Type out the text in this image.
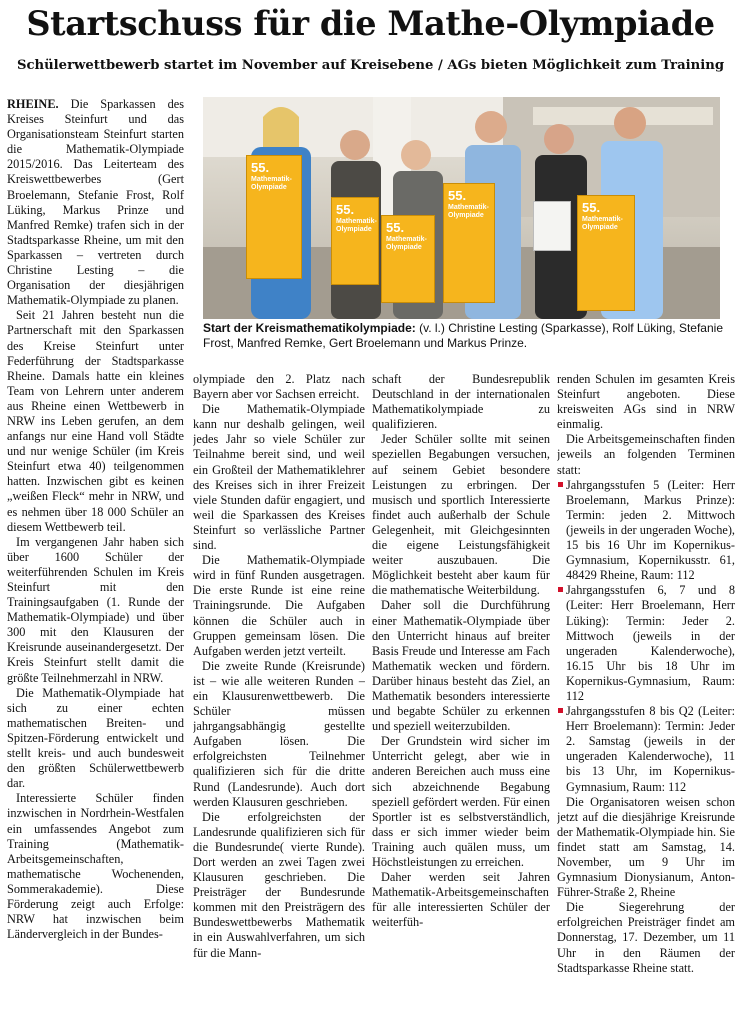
Startschuss für die Mathe-Olympiade
Schülerwettbewerb startet im November auf Kreisebene / AGs bieten Möglichkeit zum Training
55.
Mathematik-Olympiade
55.
Mathematik-Olympiade	55.
Mathematik-Olympiade
55.
Mathematik-Olympiade
55.
Mathematik-Olympiade
Start der Kreismathematikolympiade: (v. l.) Christine Lesting (Sparkasse), Rolf Lüking, Stefanie Frost, Manfred Remke, Gert Broelemann und Markus Prinze.

RHEINE. Die Sparkassen des Kreises Steinfurt und das Organisationsteam Steinfurt starten die Mathematik-Olympiade 2015/2016. Das Leiterteam des Kreiswettbewerbes (Gert Broelemann, Stefanie Frost, Rolf Lüking, Markus Prinze und Manfred Remke) trafen sich in der Stadtsparkasse Rheine, um mit den Sparkassen – vertreten durch Christine Lesting – die Organisation der diesjährigen Mathematik-Olympiade zu planen.

Seit 21 Jahren besteht nun die Partnerschaft mit den Sparkassen des Kreise Steinfurt unter Federführung der Stadtsparkasse Rheine. Damals hatte ein kleines Team von Lehrern unter anderem aus Rheine einen Wettbewerb in NRW ins Leben gerufen, an dem anfangs nur eine Hand voll Städte und nur wenige Schüler (im Kreis Steinfurt etwa 40) teilgenommen hatten. Inzwischen gibt es keinen „weißen Fleck“ mehr in NRW, und es nehmen über 18 000 Schüler an diesem Wettbewerb teil.

Im vergangenen Jahr haben sich über 1600 Schüler der weiterführenden Schulen im Kreis Steinfurt mit den Trainingsaufgaben (1. Runde der Mathematik-Olympiade) und über 300 mit den Klausuren der Kreisrunde auseinandergesetzt. Der Kreis Steinfurt stellt damit die größte Teilnehmerzahl in NRW.

Die Mathematik-Olympiade hat sich zu einer echten mathematischen Breiten- und Spitzen-Förderung entwickelt und stellt kreis- und auch bundesweit den größten Schülerwettbewerb dar.

Interessierte Schüler finden inzwischen in Nordrhein-Westfalen ein umfassendes Angebot zum Training (Mathematik-Arbeitsgemeinschaften, mathematische Wochenenden, Sommerakademie). Diese Förderung zeigt auch Erfolge: NRW hat inzwischen beim Ländervergleich in der Bundes-

olympiade den 2. Platz nach Bayern aber vor Sachsen erreicht.

Die Mathematik-Olympiade kann nur deshalb gelingen, weil jedes Jahr so viele Schüler zur Teilnahme bereit sind, und weil ein Großteil der Mathematiklehrer des Kreises sich in ihrer Freizeit viele Stunden dafür engagiert, und weil die Sparkassen des Kreises Steinfurt so verlässliche Partner sind.

Die Mathematik-Olympiade wird in fünf Runden ausgetragen. Die erste Runde ist eine reine Trainingsrunde. Die Aufgaben können die Schüler auch in Gruppen gemeinsam lösen. Die Aufgaben werden jetzt verteilt.

Die zweite Runde (Kreisrunde) ist – wie alle weiteren Runden – ein Klausurenwettbewerb. Die Schüler müssen jahrgangsabhängig gestellte Aufgaben lösen. Die erfolgreichsten Teilnehmer qualifizieren sich für die dritte Rund (Landesrunde). Auch dort werden Klausuren geschrieben.

Die erfolgreichsten der Landesrunde qualifizieren sich für die Bundesrunde( vierte Runde). Dort werden an zwei Tagen zwei Klausuren geschrieben. Die Preisträger der Bundesrunde kommen mit den Preisträgern des Bundeswettbewerbs Mathematik in ein Auswahlverfahren, um sich für die Mann-

schaft der Bundesrepublik Deutschland in der internationalen Mathematikolympiade zu qualifizieren.

Jeder Schüler sollte mit seinen speziellen Begabungen versuchen, auf seinem Gebiet besondere Leistungen zu erbringen. Der musisch und sportlich Interessierte findet auch außerhalb der Schule Gelegenheit, mit Gleichgesinnten die eigene Leistungsfähigkeit weiter auszubauen. Die Möglichkeit besteht aber kaum für die mathematische Weiterbildung.

Daher soll die Durchführung einer Mathematik-Olympiade über den Unterricht hinaus auf breiter Basis Freude und Interesse am Fach Mathematik wecken und fördern. Darüber hinaus besteht das Ziel, an Mathematik besonders interessierte und begabte Schüler zu erkennen und speziell weiterzubilden.

Der Grundstein wird sicher im Unterricht gelegt, aber wie in anderen Bereichen auch muss eine sich abzeichnende Begabung speziell gefördert werden. Für einen Sportler ist es selbstverständlich, dass er sich immer wieder beim Training auch quälen muss, um Höchstleistungen zu erreichen.

Daher werden seit Jahren Mathematik-Arbeitsgemeinschaften für alle interessierten Schüler der weiterfüh-

renden Schulen im gesamten Kreis Steinfurt angeboten. Diese kreisweiten AGs sind in NRW einmalig.

Die Arbeitsgemeinschaften finden jeweils an folgenden Terminen statt:

Jahrgangsstufen 5 (Leiter: Herr Broelemann, Markus Prinze): Termin: jeden 2. Mittwoch (jeweils in der ungeraden Woche), 15 bis 16 Uhr im Kopernikus-Gymnasium, Kopernikusstr. 61, 48429 Rheine, Raum: 112

Jahrgangsstufen 6, 7 und 8 (Leiter: Herr Broelemann, Herr Lüking): Termin: Jeder 2. Mittwoch (jeweils in der ungeraden Kalenderwoche), 16.15 Uhr bis 18 Uhr im Kopernikus-Gymnasium, Raum: 112

Jahrgangsstufen 8 bis Q2 (Leiter: Herr Broelemann): Termin: Jeder 2. Samstag (jeweils in der ungeraden Kalenderwoche), 11 bis 13 Uhr, im Kopernikus-Gymnasium, Raum: 112

Die Organisatoren weisen schon jetzt auf die diesjährige Kreisrunde der Mathematik-Olympiade hin. Sie findet statt am Samstag, 14. November, um 9 Uhr im Gymnasium Dionysianum, Anton-Führer-Straße 2, Rheine

Die Siegerehrung der erfolgreichen Preisträger findet am Donnerstag, 17. Dezember, um 11 Uhr in den Räumen der Stadtsparkasse Rheine statt.
